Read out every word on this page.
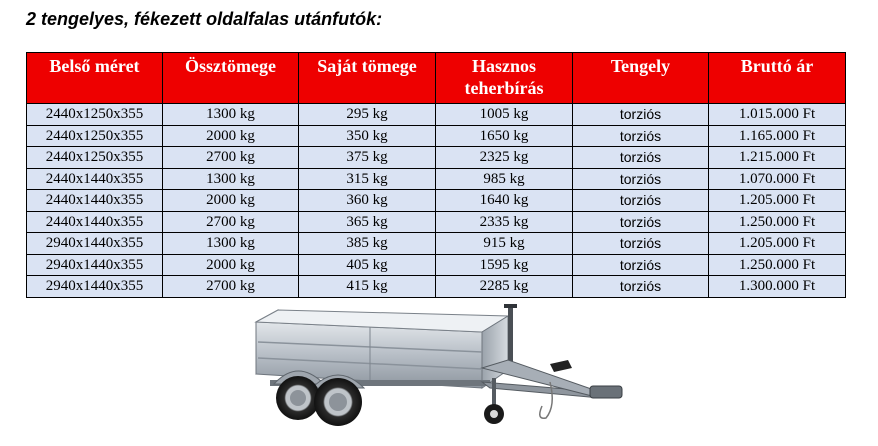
2 tengelyes, fékezett oldalfalas utánfutók:
Belső méret	Össztömege	Saját tömege	Hasznos teherbírás	Tengely	Bruttó ár
2440x1250x355	1300 kg	295 kg	1005 kg	torziós	1.015.000 Ft
2440x1250x355	2000 kg	350 kg	1650 kg	torziós	1.165.000 Ft
2440x1250x355	2700 kg	375 kg	2325 kg	torziós	1.215.000 Ft
2440x1440x355	1300 kg	315 kg	985 kg	torziós	1.070.000 Ft
2440x1440x355	2000 kg	360 kg	1640 kg	torziós	1.205.000 Ft
2440x1440x355	2700 kg	365 kg	2335 kg	torziós	1.250.000 Ft
2940x1440x355	1300 kg	385 kg	915 kg	torziós	1.205.000 Ft
2940x1440x355	2000 kg	405 kg	1595 kg	torziós	1.250.000 Ft
2940x1440x355	2700 kg	415 kg	2285 kg	torziós	1.300.000 Ft
